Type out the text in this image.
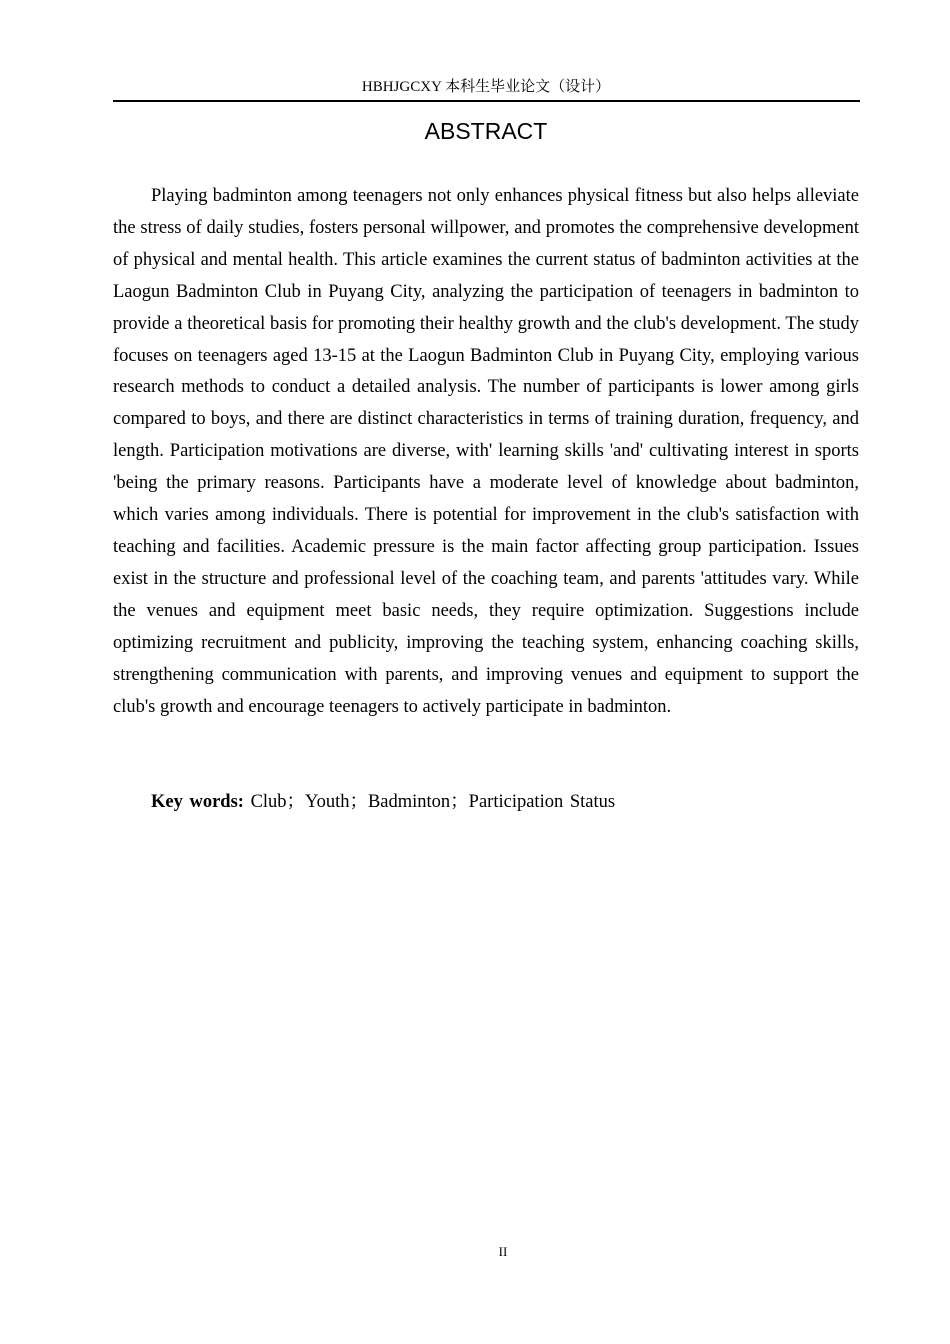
HBHJGCXY 本科生毕业论文（设计）
ABSTRACT

Playing badminton among teenagers not only enhances physical fitness but also helps alleviate the stress of daily studies, fosters personal willpower, and promotes the comprehensive development of physical and mental health. This article examines the current status of badminton activities at the Laogun Badminton Club in Puyang City, analyzing the participation of teenagers in badminton to provide a theoretical basis for promoting their healthy growth and the club's development. The study focuses on teenagers aged 13-15 at the Laogun Badminton Club in Puyang City, employing various research methods to conduct a detailed analysis. The number of participants is lower among girls compared to boys, and there are distinct characteristics in terms of training duration, frequency, and length. Participation motivations are diverse, with' learning skills 'and' cultivating interest in sports 'being the primary reasons. Participants have a moderate level of knowledge about badminton, which varies among individuals. There is potential for improvement in the club's satisfaction with teaching and facilities. Academic pressure is the main factor affecting group participation. Issues exist in the structure and professional level of the coaching team, and parents 'attitudes vary. While the venues and equipment meet basic needs, they require optimization. Suggestions include optimizing recruitment and publicity, improving the teaching system, enhancing coaching skills, strengthening communication with parents, and improving venues and equipment to support the club's growth and encourage teenagers to actively participate in badminton.

Key words: Club；Youth；Badminton；Participation Status

II
